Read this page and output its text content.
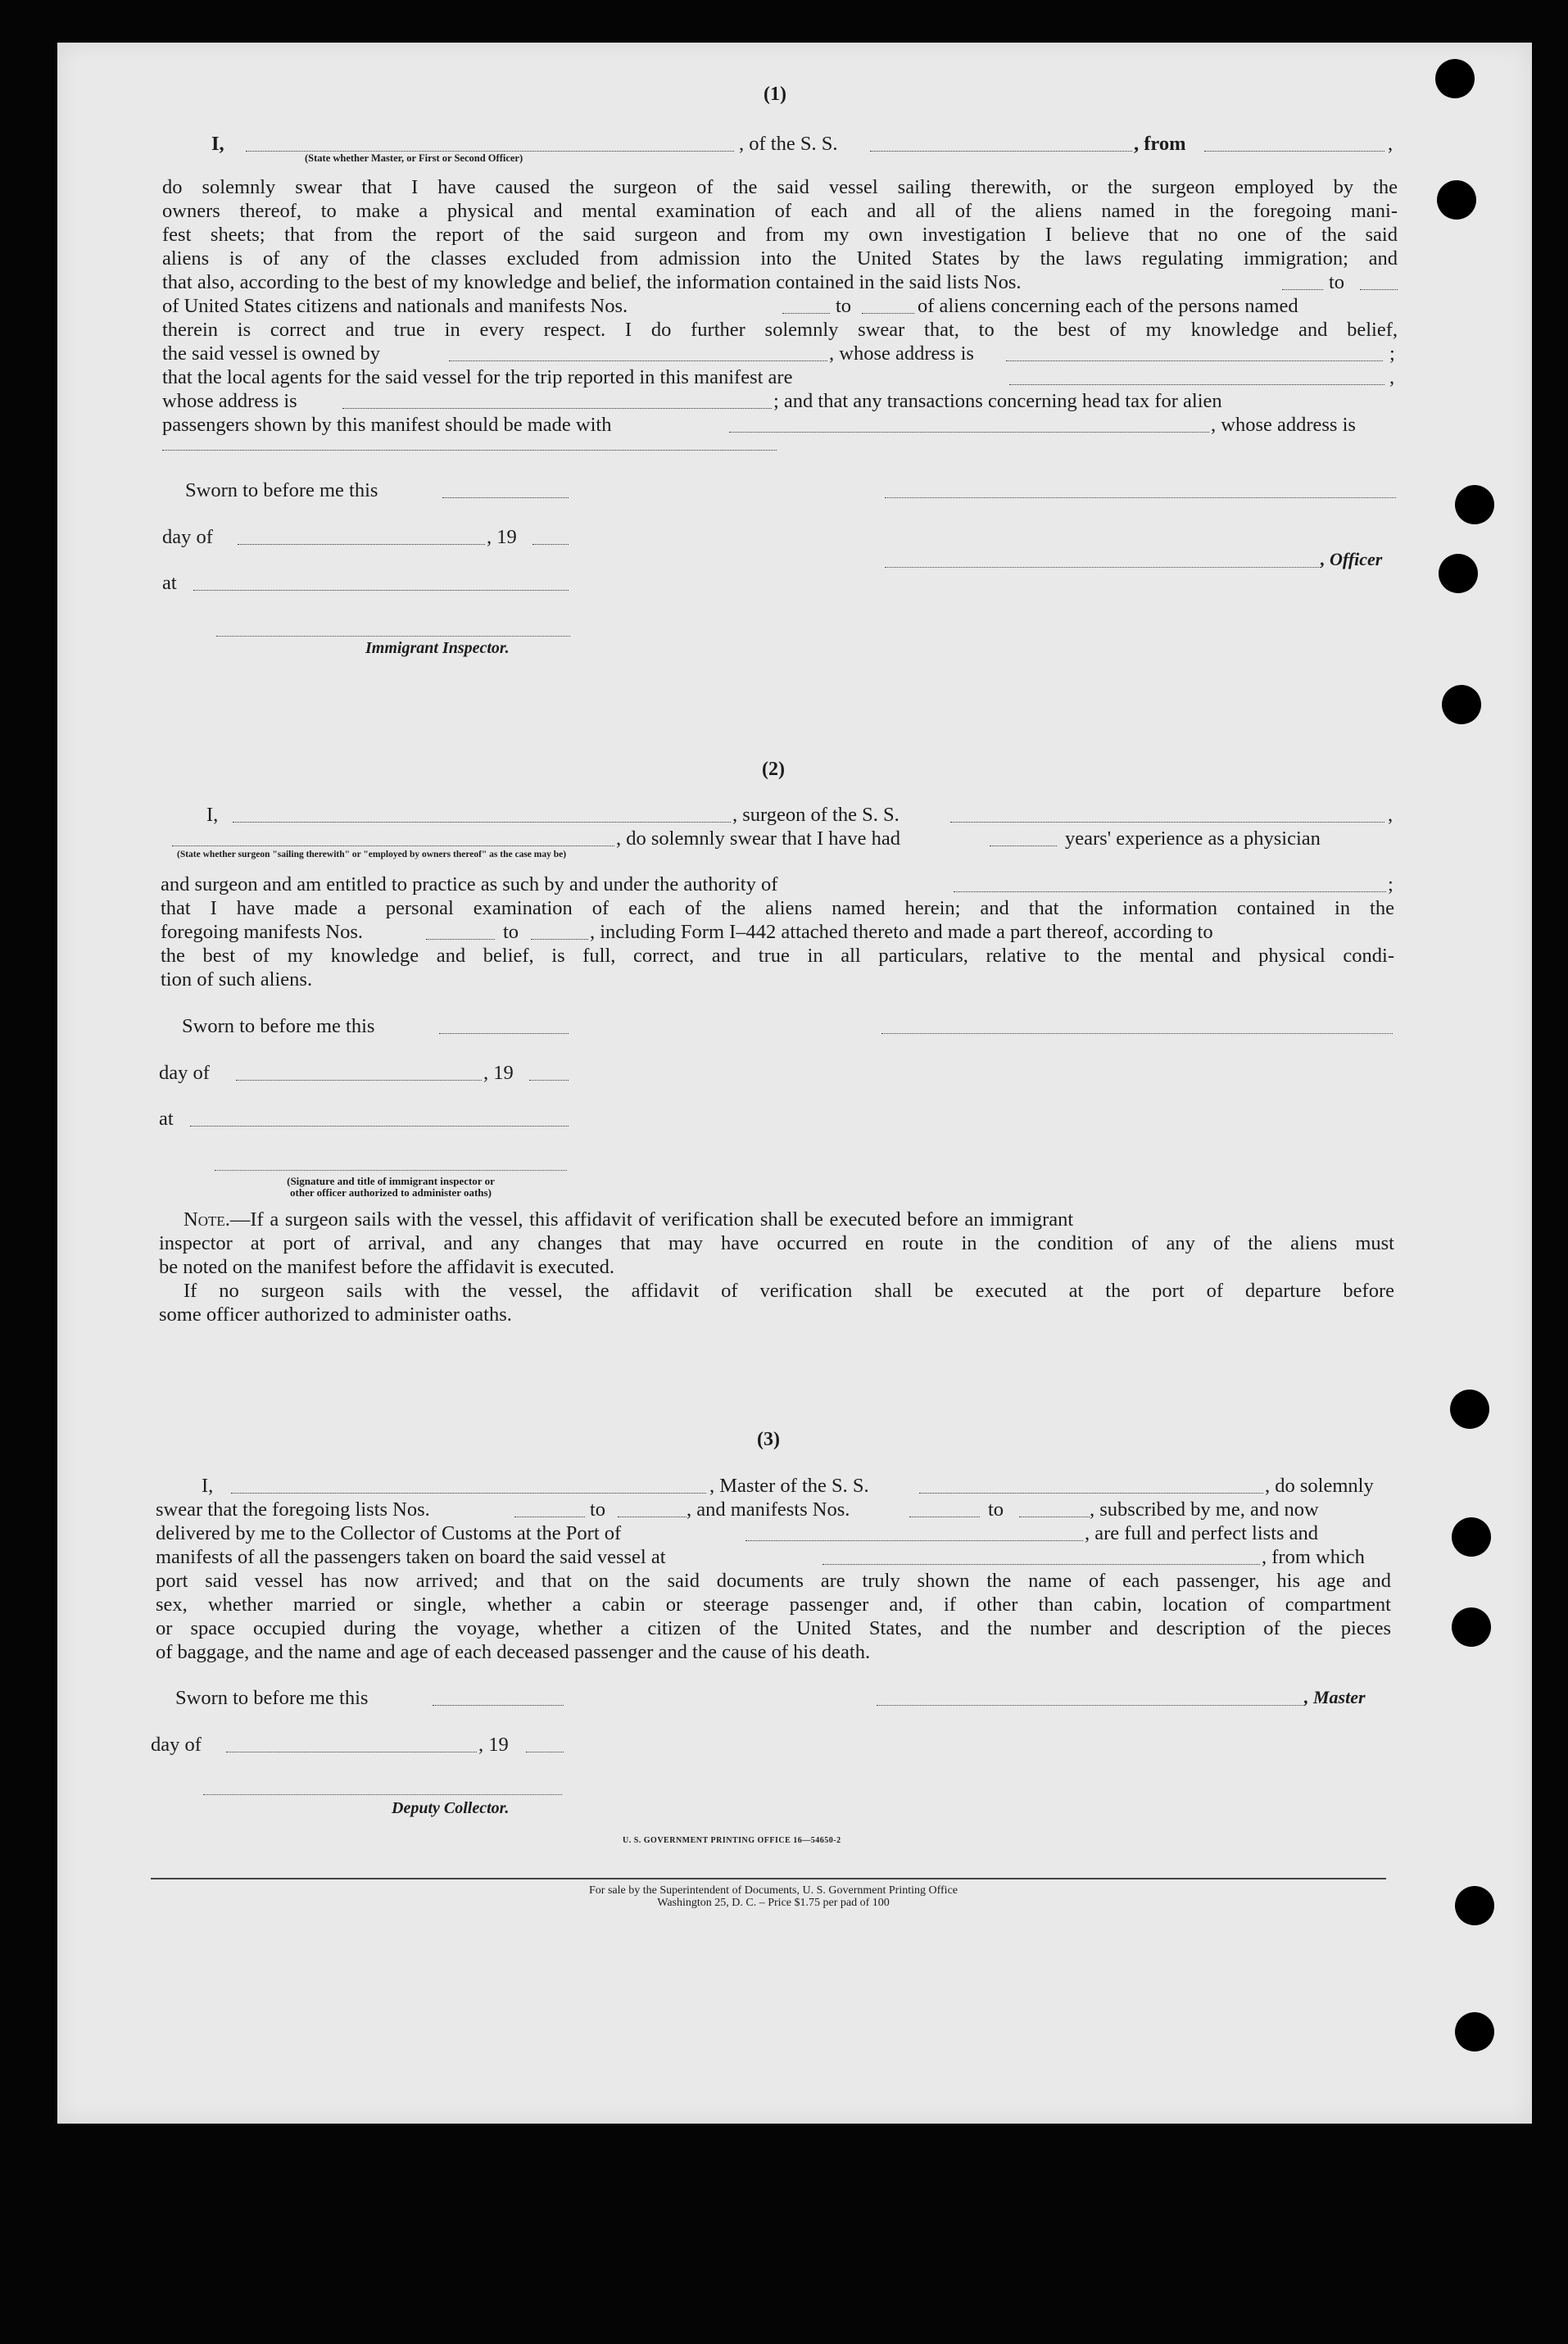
(1)
I,	, of the S. S.	, from	,
(State whether Master, or First or Second Officer)
do solemnly swear that I have caused the surgeon of the said vessel sailing therewith, or the surgeon employed by the
owners thereof, to make a physical and mental examination of each and all of the aliens named in the foregoing mani-
fest sheets; that from the report of the said surgeon and from my own investigation I believe that no one of the said
aliens is of any of the classes excluded from admission into the United States by the laws regulating immigration; and
that also, according to the best of my knowledge and belief, the information contained in the said lists Nos.	to
of United States citizens and nationals and manifests Nos.	to	of aliens concerning each of the persons named
therein is correct and true in every respect. I do further solemnly swear that, to the best of my knowledge and belief,
the said vessel is owned by	, whose address is	;
that the local agents for the said vessel for the trip reported in this manifest are	,
whose address is	; and that any transactions concerning head tax for alien
passengers shown by this manifest should be made with	, whose address is
Sworn to before me this
day of	, 19
, Officer
at
Immigrant Inspector.
(2)
I,	, surgeon of the S. S.	,
, do solemnly swear that I have had	years' experience as a physician
(State whether surgeon "sailing therewith" or "employed by owners thereof" as the case may be)
and surgeon and am entitled to practice as such by and under the authority of	;
that I have made a personal examination of each of the aliens named herein; and that the information contained in the
foregoing manifests Nos.	to	, including Form I–442 attached thereto and made a part thereof, according to
the best of my knowledge and belief, is full, correct, and true in all particulars, relative to the mental and physical condi-
tion of such aliens.
Sworn to before me this
day of	, 19
at
(Signature and title of immigrant inspector or
other officer authorized to administer oaths)
Note.—If a surgeon sails with the vessel, this affidavit of verification shall be executed before an immigrant
inspector at port of arrival, and any changes that may have occurred en route in the condition of any of the aliens must
be noted on the manifest before the affidavit is executed.
If no surgeon sails with the vessel, the affidavit of verification shall be executed at the port of departure before
some officer authorized to administer oaths.
(3)
I,	, Master of the S. S.	, do solemnly
swear that the foregoing lists Nos.	to	, and manifests Nos.	to	, subscribed by me, and now
delivered by me to the Collector of Customs at the Port of	, are full and perfect lists and
manifests of all the passengers taken on board the said vessel at	, from which
port said vessel has now arrived; and that on the said documents are truly shown the name of each passenger, his age and
sex, whether married or single, whether a cabin or steerage passenger and, if other than cabin, location of compartment
or space occupied during the voyage, whether a citizen of the United States, and the number and description of the pieces
of baggage, and the name and age of each deceased passenger and the cause of his death.
Sworn to before me this	, Master
day of	, 19
Deputy Collector.
U. S. GOVERNMENT PRINTING OFFICE 16—54650-2
For sale by the Superintendent of Documents, U. S. Government Printing Office
Washington 25, D. C. – Price $1.75 per pad of 100
